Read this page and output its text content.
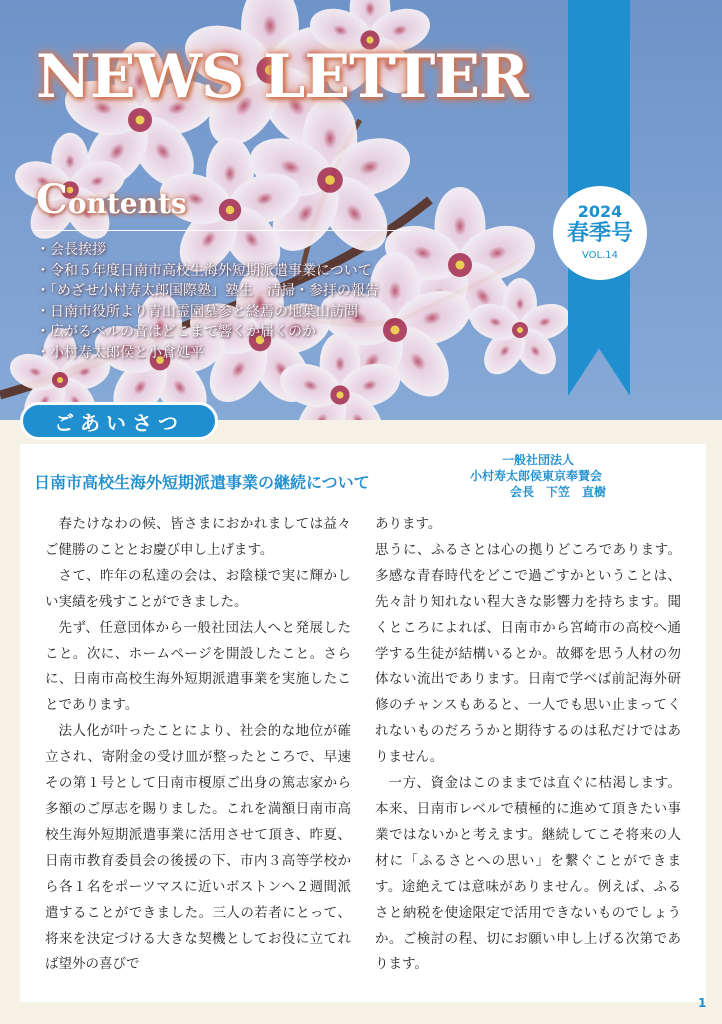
NEWS LETTER
Contents
・会長挨拶
・令和５年度日南市高校生海外短期派遣事業について
・「めざせ小村寿太郎国際塾」塾生　清掃・参拝の報告
・日南市役所より青山霊園墓参と終焉の地葉山訪問
・広がるベルの音はどこまで響くか届くのか
・小村寿太郎侯と小倉処平
2024
春季号
VOL.14
ごあいさつ
日南市高校生海外短期派遣事業の継続について
一般社団法人
小村寿太郎侯東京奉賛会
会長　下笠　直樹

春たけなわの候、皆さまにおかれましては益々ご健勝のこととお慶び申し上げます。

さて、昨年の私達の会は、お陰様で実に輝かしい実績を残すことができました。

先ず、任意団体から一般社団法人へと発展したこと。次に、ホームページを開設したこと。さらに、日南市高校生海外短期派遣事業を実施したことであります。

法人化が叶ったことにより、社会的な地位が確立され、寄附金の受け皿が整ったところで、早速その第１号として日南市榎原ご出身の篤志家から多額のご厚志を賜りました。これを満額日南市高校生海外短期派遣事業に活用させて頂き、昨夏、日南市教育委員会の後援の下、市内３高等学校から各１名をポーツマスに近いボストンへ２週間派遣することができました。三人の若者にとって、将来を決定づける大きな契機としてお役に立てれば望外の喜びで

あります。

思うに、ふるさとは心の拠りどころであります。多感な青春時代をどこで過ごすかということは、先々計り知れない程大きな影響力を持ちます。聞くところによれば、日南市から宮崎市の高校へ通学する生徒が結構いるとか。故郷を思う人材の勿体ない流出であります。日南で学べば前記海外研修のチャンスもあると、一人でも思い止まってくれないものだろうかと期待するのは私だけではありません。

一方、資金はこのままでは直ぐに枯渇します。本来、日南市レベルで積極的に進めて頂きたい事業ではないかと考えます。継続してこそ将来の人材に「ふるさとへの思い」を繋ぐことができます。途絶えては意味がありません。例えば、ふるさと納税を使途限定で活用できないものでしょうか。ご検討の程、切にお願い申し上げる次第であります。

1
